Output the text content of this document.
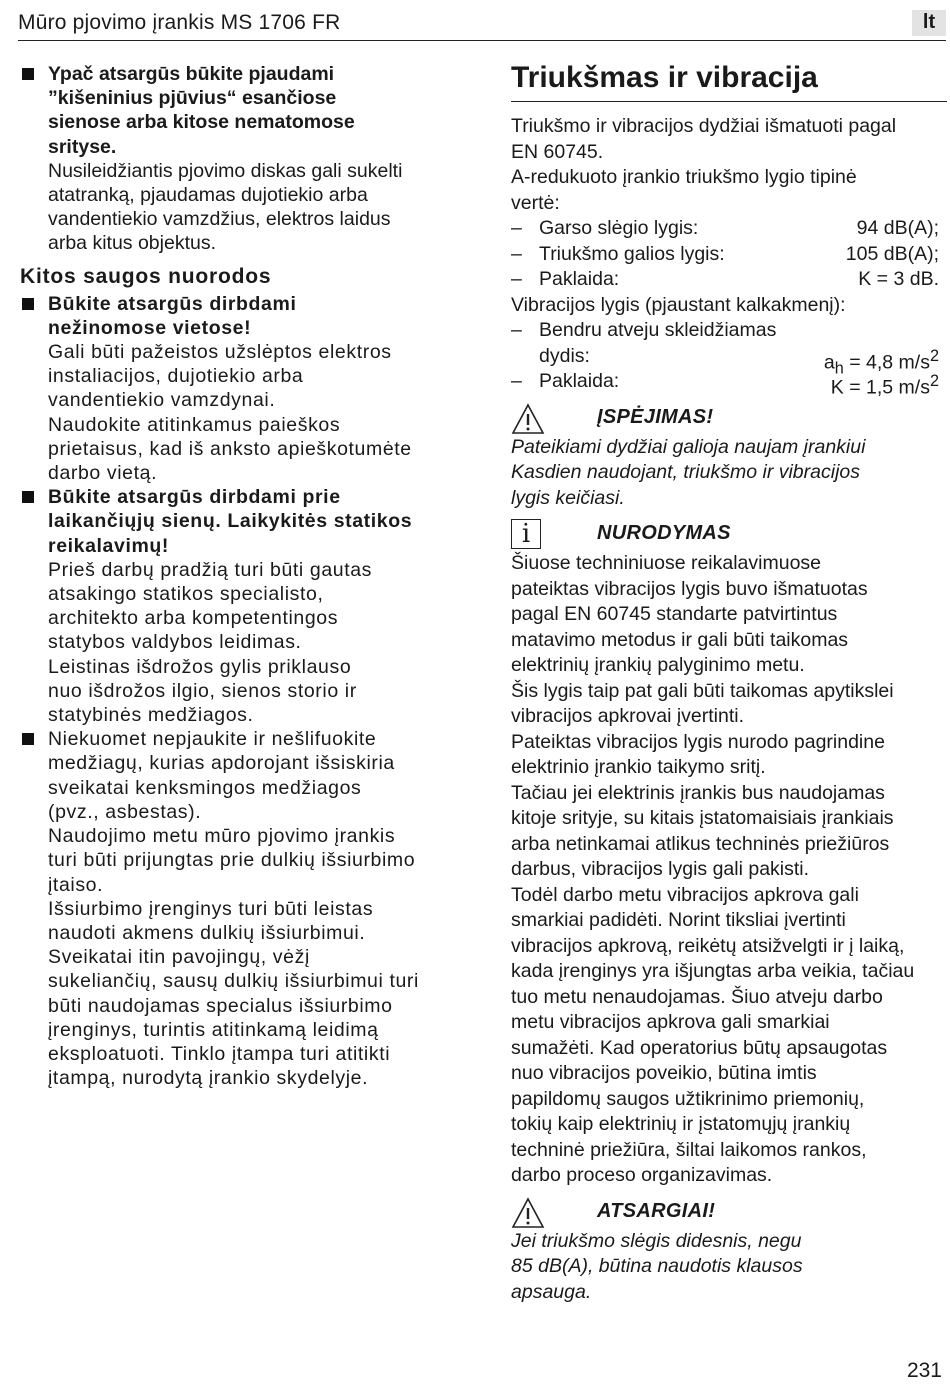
Mūro pjovimo įrankis MS 1706 FR	lt
Ypač atsargūs būkite pjaudami
”kišeninius pjūvius“ esančiose
sienose arba kitose nematomose
srityse.
Nusileidžiantis pjovimo diskas gali sukelti
atatranką, pjaudamas dujotiekio arba
vandentiekio vamzdžius, elektros laidus
arba kitus objektus.
Kitos saugos nuorodos
Būkite atsargūs dirbdami
nežinomose vietose!
Gali būti pažeistos užslėptos elektros
instaliacijos, dujotiekio arba
vandentiekio vamzdynai.
Naudokite atitinkamus paieškos
prietaisus, kad iš anksto apieškotumėte
darbo vietą.
Būkite atsargūs dirbdami prie
laikančiųjų sienų. Laikykitės statikos
reikalavimų!
Prieš darbų pradžią turi būti gautas
atsakingo statikos specialisto,
architekto arba kompetentingos
statybos valdybos leidimas.
Leistinas išdrožos gylis priklauso
nuo išdrožos ilgio, sienos storio ir
statybinės medžiagos.
Niekuomet nepjaukite ir nešlifuokite
medžiagų, kurias apdorojant išsiskiria
sveikatai kenksmingos medžiagos
(pvz., asbestas).
Naudojimo metu mūro pjovimo įrankis
turi būti prijungtas prie dulkių išsiurbimo
įtaiso.
Išsiurbimo įrenginys turi būti leistas
naudoti akmens dulkių išsiurbimui.
Sveikatai itin pavojingų, vėžį
sukeliančių, sausų dulkių išsiurbimui turi
būti naudojamas specialus išsiurbimo
įrenginys, turintis atitinkamą leidimą
eksploatuoti. Tinklo įtampa turi atitikti
įtampą, nurodytą įrankio skydelyje.
Triukšmas ir vibracija
Triukšmo ir vibracijos dydžiai išmatuoti pagal
EN 60745.
A-redukuoto įrankio triukšmo lygio tipinė
vertė:
– Garso slėgio lygis:	94 dB(A);
– Triukšmo galios lygis:	105 dB(A);
– Paklaida:	K = 3 dB.
Vibracijos lygis (pjaustant kalkakmenį):
– Bendru atveju skleidžiamas
dydis:	$a_h = 4,8$ $m/s^2$
– Paklaida:	K = 1,5 $m/s^2$
ĮSPĖJIMAS!
Pateikiami dydžiai galioja naujam įrankiui
Kasdien naudojant, triukšmo ir vibracijos
lygis keičiasi.
i	NURODYMAS
Šiuose techniniuose reikalavimuose
pateiktas vibracijos lygis buvo išmatuotas
pagal EN 60745 standarte patvirtintus
matavimo metodus ir gali būti taikomas
elektrinių įrankių palyginimo metu.
Šis lygis taip pat gali būti taikomas apytikslei
vibracijos apkrovai įvertinti.
Pateiktas vibracijos lygis nurodo pagrindine
elektrinio įrankio taikymo sritį.
Tačiau jei elektrinis įrankis bus naudojamas
kitoje srityje, su kitais įstatomaisiais įrankiais
arba netinkamai atlikus techninės priežiūros
darbus, vibracijos lygis gali pakisti.
Todėl darbo metu vibracijos apkrova gali
smarkiai padidėti. Norint tiksliai įvertinti
vibracijos apkrovą, reikėtų atsižvelgti ir į laiką,
kada įrenginys yra išjungtas arba veikia, tačiau
tuo metu nenaudojamas. Šiuo atveju darbo
metu vibracijos apkrova gali smarkiai
sumažėti. Kad operatorius būtų apsaugotas
nuo vibracijos poveikio, būtina imtis
papildomų saugos užtikrinimo priemonių,
tokių kaip elektrinių ir įstatomųjų įrankių
techninė priežiūra, šiltai laikomos rankos,
darbo proceso organizavimas.
ATSARGIAI!
Jei triukšmo slėgis didesnis, negu
85 dB(A), būtina naudotis klausos
apsauga.
231
